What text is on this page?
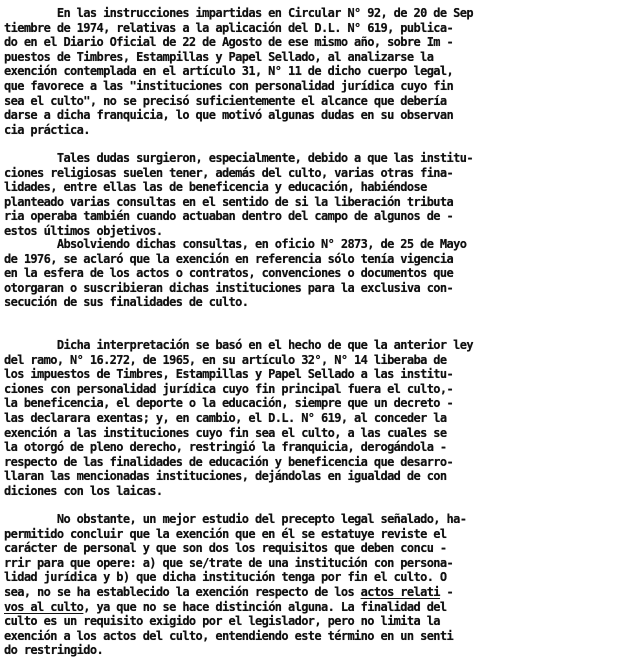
En las instrucciones impartidas en Circular N° 92, de 20 de Sep
tiembre de 1974, relativas a la aplicación del D.L. N° 619, publica-
do en el Diario Oficial de 22 de Agosto de ese mismo año, sobre Im -
puestos de Timbres, Estampillas y Papel Sellado, al analizarse la
exención contemplada en el artículo 31, N° 11 de dicho cuerpo legal,
que favorece a las "instituciones con personalidad jurídica cuyo fin
sea el culto", no se precisó suficientemente el alcance que debería
darse a dicha franquicia, lo que motivó algunas dudas en su observan
cia práctica.
Tales dudas surgieron, especialmente, debido a que las institu-
ciones religiosas suelen tener, además del culto, varias otras fina-
lidades, entre ellas las de beneficencia y educación, habiéndose
planteado varias consultas en el sentido de si la liberación tributa
ria operaba también cuando actuaban dentro del campo de algunos de -
estos últimos objetivos.
Absolviendo dichas consultas, en oficio N° 2873, de 25 de Mayo
de 1976, se aclaró que la exención en referencia sólo tenía vigencia
en la esfera de los actos o contratos, convenciones o documentos que
otorgaran o suscribieran dichas instituciones para la exclusiva con-
secución de sus finalidades de culto.
Dicha interpretación se basó en el hecho de que la anterior ley
del ramo, N° 16.272, de 1965, en su artículo 32°, N° 14 liberaba de
los impuestos de Timbres, Estampillas y Papel Sellado a las institu-
ciones con personalidad jurídica cuyo fin principal fuera el culto,-
la beneficencia, el deporte o la educación, siempre que un decreto -
las declarara exentas; y, en cambio, el D.L. N° 619, al conceder la
exención a las instituciones cuyo fin sea el culto, a las cuales se
la otorgó de pleno derecho, restringió la franquicia, derogándola -
respecto de las finalidades de educación y beneficencia que desarro-
llaran las mencionadas instituciones, dejándolas en igualdad de con
diciones con los laicas.
No obstante, un mejor estudio del precepto legal señalado, ha-
permitido concluir que la exención que en él se estatuye reviste el
carácter de personal y que son dos los requisitos que deben concu -
rrir para que opere: a) que se/trate de una institución con persona-
lidad jurídica y b) que dicha institución tenga por fin el culto. O
sea, no se ha establecido la exención respecto de los actos relati -
vos al culto, ya que no se hace distinción alguna. La finalidad del
culto es un requisito exigido por el legislador, pero no limita la
exención a los actos del culto, entendiendo este término en un senti
do restringido.
